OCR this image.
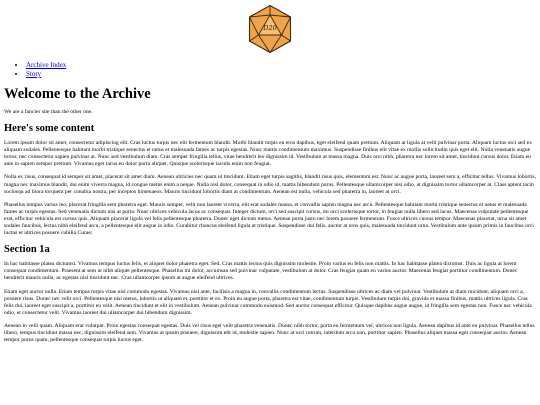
D20
• Archive Index
• Story
Welcome to the Archive

We are a fancier site than the other one.

Here's some content

Lorem ipsum dolor sit amet, consectetur adipiscing elit. Cras luctus turpis nec elit fermentum blandit. Morbi blandit turpis eu eros dapibus, eget eleifend quam pretium. Aliquam at ligula at velit pulvinar porta. Aliquam luctus orci sed ex aliquam sodales. Pellentesque habitant morbi tristique senectus et netus et malesuada fames ac turpis egestas. Nunc mattis condimentum maximus. Suspendisse finibus elit vitae ex mollis sollicitudin quis eget elit. Nulla venenatis augue tortor, nec consectetur sapien pulvinar at. Nunc sed vestibulum diam. Cras semper fringilla tellus, vitae hendrerit leo dignissim id. Vestibulum at massa magna. Duis orci nibh, pharetra nec lorem sit amet, tincidunt cursus dolor. Etiam eu ante in sapien semper pretium. Vivamus eget lacus eu dolor porta aliquet. Quisque scelerisque iaculis enim non feugiat.

Nulla ex risus, consequat id semper sit amet, placerat sit amet diam. Aenean ultricies nec quam ut tincidunt. Etiam eget turpis sagittis, blandit risus quis, elementum est. Nunc ac augue porta, laoreet sem a, efficitur tellus. Vivamus lobortis, magna nec maximus blandit, dui enim viverra magna, id congue metus enim a neque. Nulla nisl dolor, consequat in odio id, mattis bibendum purus. Pellentesque ullamcorper nisi odio, at dignissim tortor ullamcorper at. Class aptent taciti sociosqu ad litora torquent per conubia nostra, per inceptos himenaeos. Mauris tincidunt lobortis diam at condimentum. Aenean est nulla, vehicula sed pharetra in, laoreet at orci.

Phasellus tempus varius leo, placerat fringilla sem pharetra eget. Mauris semper, velit non laoreet viverra, elit erat sodales massa, et convallis sapien magna nec arcu. Pellentesque habitant morbi tristique senectus et netus et malesuada fames ac turpis egestas. Sed venenatis dictum nisi at porta. Nunc ultrices vehicula lacus ac consequat. Integer dictum, orci sed suscipit cursus, mi orci scelerisque tortor, in feugiat nulla libero sed lacus. Maecenas vulputate pellentesque erat, efficitur vehicula est cursus quis. Aliquam placerat ligula vel felis pellentesque pharetra. Donec eget dictum metus. Aenean porta justo nec lorem posuere fermentum. Fusce ultrices cursus tempor. Maecenas placerat, urna sit amet sodales faucibus, lectus nibh eleifend arcu, a pellentesque elit augue in odio. Curabitur rhoncus eleifend ligula at tristique. Suspendisse dui felis, auctor at eros quis, malesuada tincidunt urna. Vestibulum ante ipsum primis in faucibus orci luctus et ultrices posuere cubilia Curae;

Section 1a

In hac habitasse platea dictumst. Vivamus tempus luctus felis, et aliquet dolor pharetra eget. Sed. Cras mattis lectus quis dignissim molestie. Proin varius eu felis non mattis. In hac habitasse platea dictumst. Duis ac ligula at lorem consequat condimentum. Praesent at sem ut nibh aliquet pellentesque. Phasellus mi dolor, accumsan sed pulvinar vulputate, vestibulum at dolor. Cras feugiat quam eu varius auctor. Maecenas feugiat porttitor condimentum. Donec hendrerit mauris nulla, ac egestas nisl tincidunt nec. Cras ullamcorper ipsum at augue eleifend ultrices.

Etiam eget auctor nulla. Etiam tempus turpis vitae nisl commodo egestas. Vivamus nisl ante, facilisis a magna in, convallis condimentum lectus. Suspendisse ultrices ac diam vel pulvinar. Vestibulum at diam tincidunt, aliquam orci a, posuere risus. Donec nec velit orci. Pellentesque nisi metus, lobortis ut aliquam et, porttitor et ex. Proin eu augue porta, pharetra est vitae, condimentum turpis. Vestibulum turpis dui, gravida et massa finibus, mattis ultrices ligula. Cras felis dui, laoreet eget suscipit a, porttitor eu velit. Aenean tincidunt et elit in vestibulum. Aenean pulvinar commodo euismod. Sed auctor consequat efficitur. Quisque dapibus augue augue, ut fringilla sem egestas non. Fusce nec vehicula odio, et consectetur velit. Vivamus laoreet dui ullamcorper dui bibendum dignissim.

Aenean in velit quam. Aliquam erat volutpat. Proin egestas consequat egestas. Duis vel risus eget velit pharetra venenatis. Donec nibh tortor, porta eu fermentum vel, ultrices non ligula. Aenean dapibus id ante eu pulvinar. Phasellus tellus libero, tempus tincidunt massa nec, dignissim eleifend sem. Vivamus at ipsum posuere, dignissim elit id, molestie sapien. Nunc at orci rutrum, interdum arcu non, porttitor sapien. Phasellus aliquet massa eget consequat auctor. Aenean tempor purus quam, pellentesque consequat turpis luctus eget.
